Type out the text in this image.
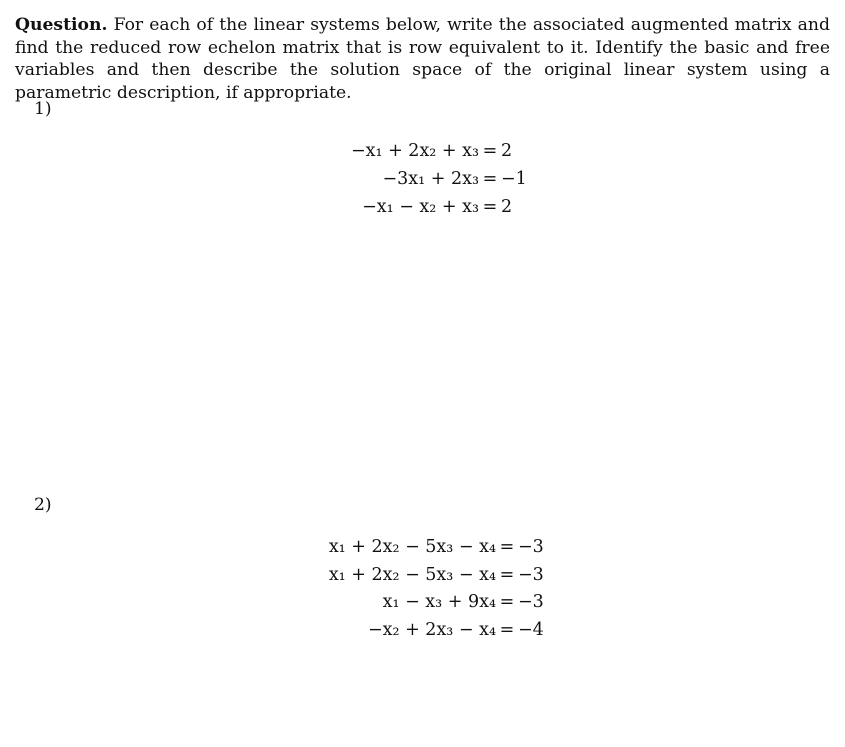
Question. For each of the linear systems below, write the associated augmented matrix and find the reduced row echelon matrix that is row equivalent to it. Identify the basic and free variables and then describe the solution space of the original linear system using a parametric description, if appropriate.

1)
−x₁ + 2x₂ + x₃ = 2
−3x₁ + 2x₃ = −1
−x₁ − x₂ + x₃ = 2
2)
x₁ + 2x₂ − 5x₃ − x₄ = −3
x₁ + 2x₂ − 5x₃ − x₄ = −3
x₁ − x₃ + 9x₄ = −3
−x₂ + 2x₃ − x₄ = −4
